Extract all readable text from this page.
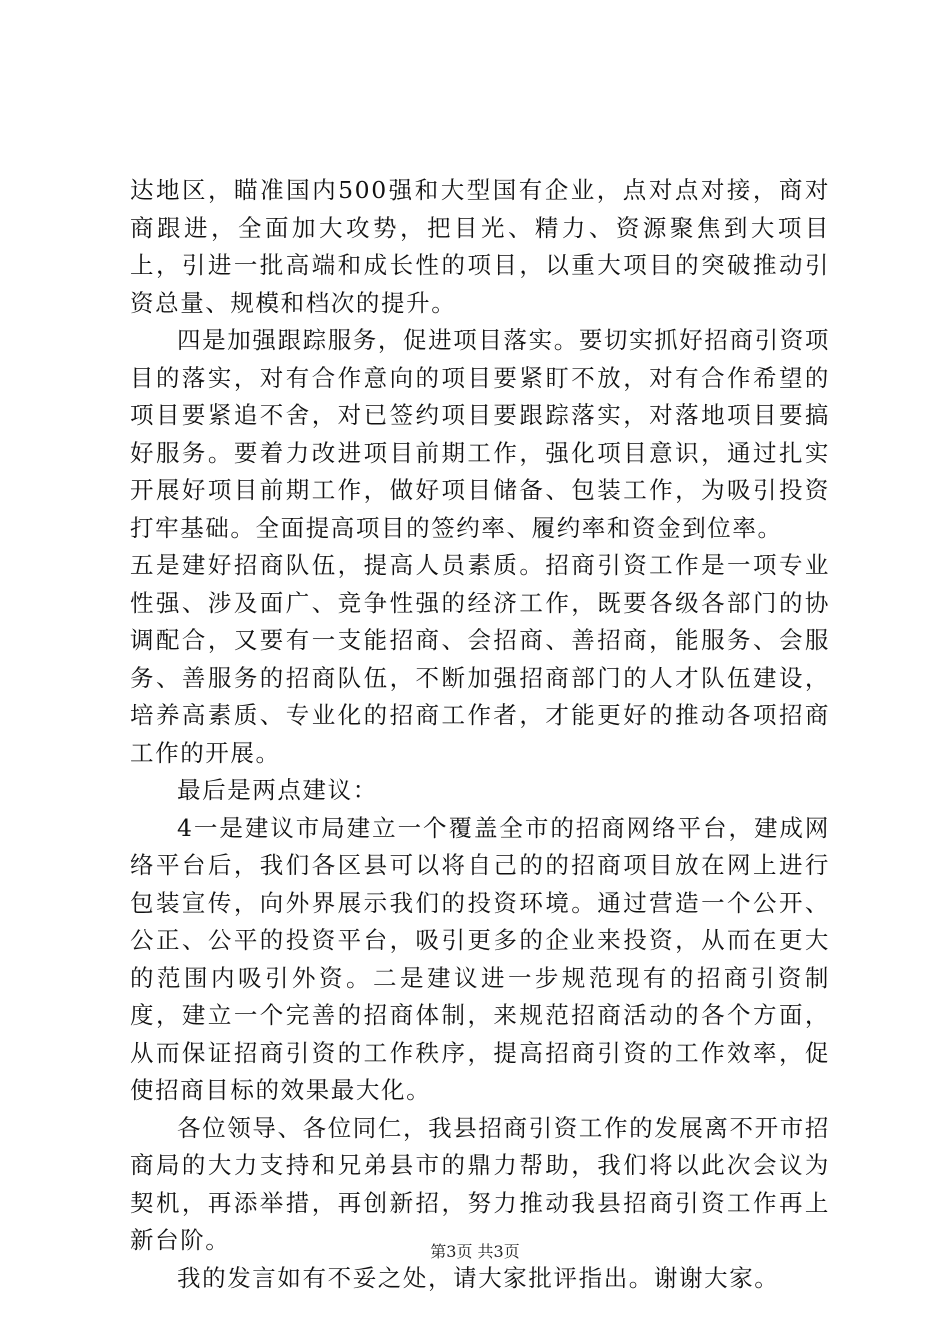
达地区，瞄准国内500强和大型国有企业，点对点对接，商对商跟进，全面加大攻势，把目光、精力、资源聚焦到大项目上，引进一批高端和成长性的项目，以重大项目的突破推动引资总量、规模和档次的提升。

四是加强跟踪服务，促进项目落实。要切实抓好招商引资项目的落实，对有合作意向的项目要紧盯不放，对有合作希望的项目要紧追不舍，对已签约项目要跟踪落实，对落地项目要搞好服务。要着力改进项目前期工作，强化项目意识，通过扎实开展好项目前期工作，做好项目储备、包装工作，为吸引投资打牢基础。全面提高项目的签约率、履约率和资金到位率。

五是建好招商队伍，提高人员素质。招商引资工作是一项专业性强、涉及面广、竞争性强的经济工作，既要各级各部门的协调配合，又要有一支能招商、会招商、善招商，能服务、会服务、善服务的招商队伍，不断加强招商部门的人才队伍建设，培养高素质、专业化的招商工作者，才能更好的推动各项招商工作的开展。

最后是两点建议：

4一是建议市局建立一个覆盖全市的招商网络平台，建成网络平台后，我们各区县可以将自己的的招商项目放在网上进行包装宣传，向外界展示我们的投资环境。通过营造一个公开、公正、公平的投资平台，吸引更多的企业来投资，从而在更大的范围内吸引外资。二是建议进一步规范现有的招商引资制度，建立一个完善的招商体制，来规范招商活动的各个方面，从而保证招商引资的工作秩序，提高招商引资的工作效率，促使招商目标的效果最大化。

各位领导、各位同仁，我县招商引资工作的发展离不开市招商局的大力支持和兄弟县市的鼎力帮助，我们将以此次会议为契机，再添举措，再创新招，努力推动我县招商引资工作再上新台阶。

我的发言如有不妥之处，请大家批评指出。谢谢大家。

第3页 共3页
